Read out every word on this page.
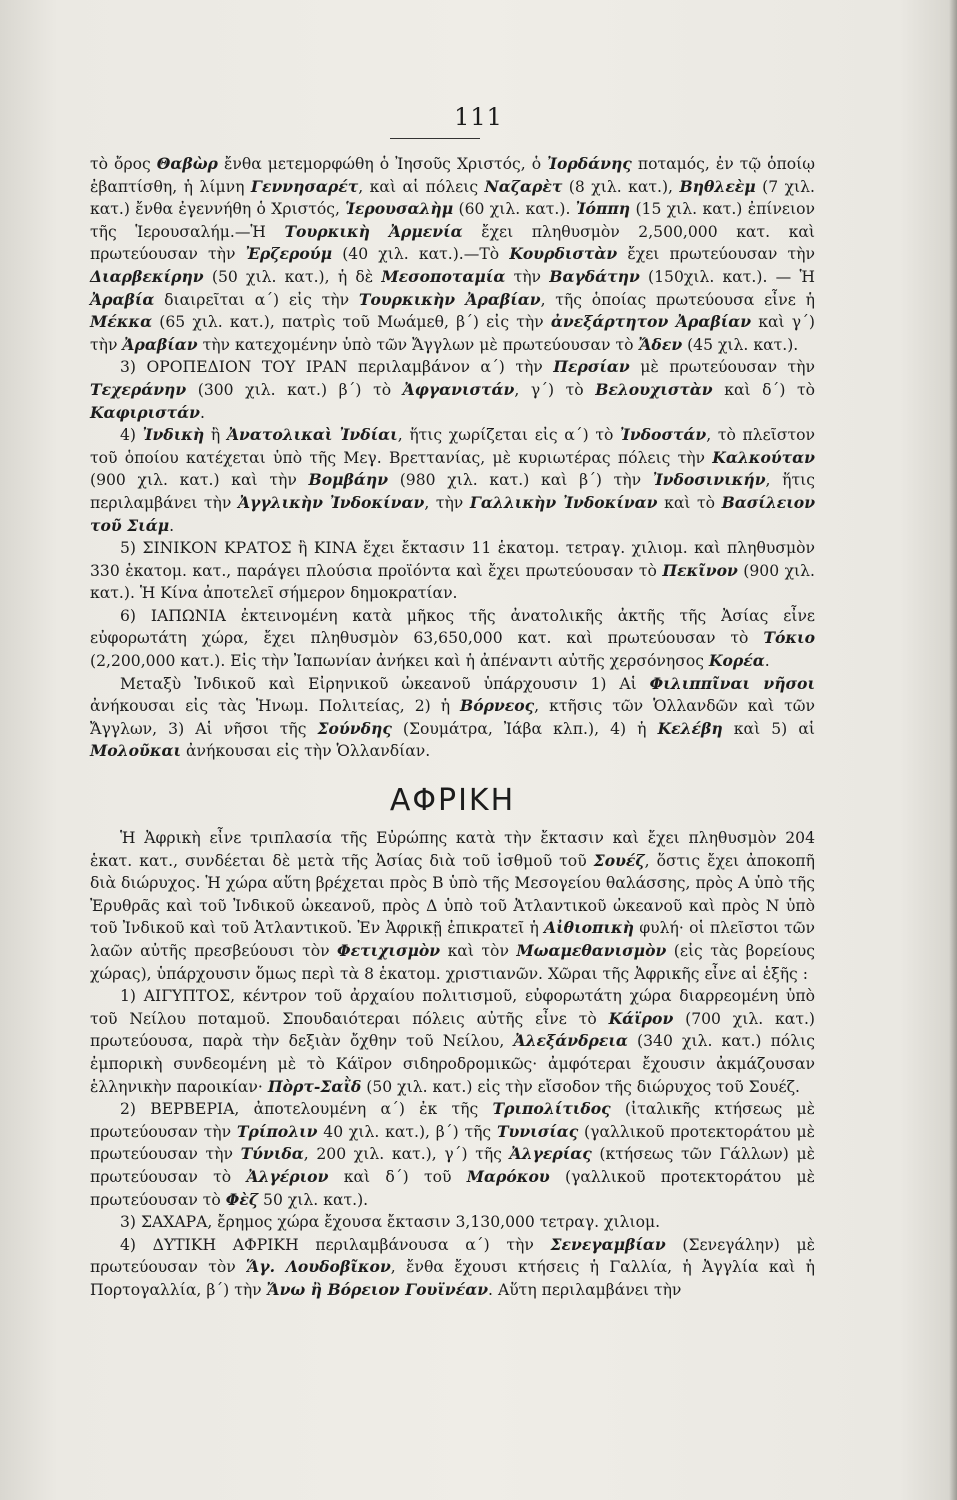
111

τὸ ὄρος Θαβὼρ ἔνθα μετεμορφώθη ὁ Ἰησοῦς Χριστός, ὁ Ἰορδάνης ποταμός, ἐν τῷ ὁποίῳ ἐβαπτίσθη, ἡ λίμνη Γεννησαρέτ, καὶ αἱ πόλεις Ναζαρὲτ (8 χιλ. κατ.), Βηθλεὲμ (7 χιλ. κατ.) ἔνθα ἐγεννήθη ὁ Χριστός, Ἱερουσαλὴμ (60 χιλ. κατ.). Ἰόππη (15 χιλ. κατ.) ἐπίνειον τῆς Ἱερουσαλήμ.—Ἡ Τουρκικὴ Ἀρμενία ἔχει πληθυσμὸν 2,500,000 κατ. καὶ πρωτεύουσαν τὴν Ἐρζερούμ (40 χιλ. κατ.).—Τὸ Κουρδιστὰν ἔχει πρωτεύουσαν τὴν Διαρβεκίρην (50 χιλ. κατ.), ἡ δὲ Μεσοποταμία τὴν Βαγδάτην (150χιλ. κατ.). — Ἡ Ἀραβία διαιρεῖται α΄) εἰς τὴν Τουρκικὴν Ἀραβίαν, τῆς ὁποίας πρωτεύουσα εἶνε ἡ Μέκκα (65 χιλ. κατ.), πατρὶς τοῦ Μωάμεθ, β΄) εἰς τὴν ἀνεξάρτητον Ἀραβίαν καὶ γ΄) τὴν Ἀραβίαν τὴν κατεχομένην ὑπὸ τῶν Ἄγγλων μὲ πρωτεύουσαν τὸ Ἄδεν (45 χιλ. κατ.).

3) ΟΡΟΠΕΔΙΟΝ ΤΟΥ ΙΡΑΝ περιλαμβάνον α΄) τὴν Περσίαν μὲ πρωτεύουσαν τὴν Τεχεράνην (300 χιλ. κατ.) β΄) τὸ Ἀφγανιστάν, γ΄) τὸ Βελουχιστὰν καὶ δ΄) τὸ Καφιριστάν.

4) Ἰνδικὴ ἢ Ἀνατολικαὶ Ἰνδίαι, ἥτις χωρίζεται εἰς α΄) τὸ Ἰνδοστάν, τὸ πλεῖστον τοῦ ὁποίου κατέχεται ὑπὸ τῆς Μεγ. Βρεττανίας, μὲ κυριωτέρας πόλεις τὴν Καλκούταν (900 χιλ. κατ.) καὶ τὴν Βομβάην (980 χιλ. κατ.) καὶ β΄) τὴν Ἰνδοσινικήν, ἥτις περιλαμβάνει τὴν Ἀγγλικὴν Ἰνδοκίναν, τὴν Γαλλικὴν Ἰνδοκίναν καὶ τὸ Βασίλειον τοῦ Σιάμ.

5) ΣΙΝΙΚΟΝ ΚΡΑΤΟΣ ἢ ΚΙΝΑ ἔχει ἔκτασιν 11 ἑκατομ. τετραγ. χιλιομ. καὶ πληθυσμὸν 330 ἑκατομ. κατ., παράγει πλούσια προϊόντα καὶ ἔχει πρωτεύουσαν τὸ Πεκῖνον (900 χιλ. κατ.). Ἡ Κίνα ἀποτελεῖ σήμερον δημοκρατίαν.

6) ΙΑΠΩΝΙΑ ἐκτεινομένη κατὰ μῆκος τῆς ἀνατολικῆς ἀκτῆς τῆς Ἀσίας εἶνε εὐφορωτάτη χώρα, ἔχει πληθυσμὸν 63,650,000 κατ. καὶ πρωτεύουσαν τὸ Τόκιο (2,200,000 κατ.). Εἰς τὴν Ἰαπωνίαν ἀνήκει καὶ ἡ ἀπέναντι αὐτῆς χερσόνησος Κορέα.

Μεταξὺ Ἰνδικοῦ καὶ Εἰρηνικοῦ ὠκεανοῦ ὑπάρχουσιν 1) Αἱ Φιλιππῖναι νῆσοι ἀνήκουσαι εἰς τὰς Ἡνωμ. Πολιτείας, 2) ἡ Βόρνεος, κτῆσις τῶν Ὁλλανδῶν καὶ τῶν Ἄγγλων, 3) Αἱ νῆσοι τῆς Σούνδης (Σουμάτρα, Ἰάβα κλπ.), 4) ἡ Κελέβη καὶ 5) αἱ Μολοῦκαι ἀνήκουσαι εἰς τὴν Ὁλλανδίαν.

ΑΦΡΙΚΗ

Ἡ Ἀφρικὴ εἶνε τριπλασία τῆς Εὐρώπης κατὰ τὴν ἔκτασιν καὶ ἔχει πληθυσμὸν 204 ἑκατ. κατ., συνδέεται δὲ μετὰ τῆς Ἀσίας διὰ τοῦ ἰσθμοῦ τοῦ Σουέζ, ὅστις ἔχει ἀποκοπῆ διὰ διώρυχος. Ἡ χώρα αὕτη βρέχεται πρὸς Β ὑπὸ τῆς Μεσογείου θαλάσσης, πρὸς Α ὑπὸ τῆς Ἐρυθρᾶς καὶ τοῦ Ἰνδικοῦ ὠκεανοῦ, πρὸς Δ ὑπὸ τοῦ Ἀτλαντικοῦ ὠκεανοῦ καὶ πρὸς Ν ὑπὸ τοῦ Ἰνδικοῦ καὶ τοῦ Ἀτλαντικοῦ. Ἐν Ἀφρικῇ ἐπικρατεῖ ἡ Αἰθιοπικὴ φυλή· οἱ πλεῖστοι τῶν λαῶν αὐτῆς πρεσβεύουσι τὸν Φετιχισμὸν καὶ τὸν Μωαμεθανισμὸν (εἰς τὰς βορείους χώρας), ὑπάρχουσιν ὅμως περὶ τὰ 8 ἑκατομ. χριστιανῶν. Χῶραι τῆς Ἀφρικῆς εἶνε αἱ ἑξῆς :

1) ΑΙΓΥΠΤΟΣ, κέντρον τοῦ ἀρχαίου πολιτισμοῦ, εὐφορωτάτη χώρα διαρρεομένη ὑπὸ τοῦ Νείλου ποταμοῦ. Σπουδαιότεραι πόλεις αὐτῆς εἶνε τὸ Κάϊρον (700 χιλ. κατ.) πρωτεύουσα, παρὰ τὴν δεξιὰν ὄχθην τοῦ Νείλου, Ἀλεξάνδρεια (340 χιλ. κατ.) πόλις ἐμπορικὴ συνδεομένη μὲ τὸ Κάϊρον σιδηροδρομικῶς· ἀμφότεραι ἔχουσιν ἀκμάζουσαν ἑλληνικὴν παροικίαν· Πὸρτ-Σαῒδ (50 χιλ. κατ.) εἰς τὴν εἴσοδον τῆς διώρυχος τοῦ Σουέζ.

2) ΒΕΡΒΕΡΙΑ, ἀποτελουμένη α΄) ἐκ τῆς Τριπολίτιδος (ἰταλικῆς κτήσεως μὲ πρωτεύουσαν τὴν Τρίπολιν 40 χιλ. κατ.), β΄) τῆς Τυνισίας (γαλλικοῦ προτεκτοράτου μὲ πρωτεύουσαν τὴν Τύνιδα, 200 χιλ. κατ.), γ΄) τῆς Ἀλγερίας (κτήσεως τῶν Γάλλων) μὲ πρωτεύουσαν τὸ Ἀλγέριον καὶ δ΄) τοῦ Μαρόκου (γαλλικοῦ προτεκτοράτου μὲ πρωτεύουσαν τὸ Φὲζ 50 χιλ. κατ.).

3) ΣΑΧΑΡΑ, ἔρημος χώρα ἔχουσα ἔκτασιν 3,130,000 τετραγ. χιλιομ.

4) ΔΥΤΙΚΗ ΑΦΡΙΚΗ περιλαμβάνουσα α΄) τὴν Σενεγαμβίαν (Σενεγάλην) μὲ πρωτεύουσαν τὸν Ἅγ. Λουδοβῖκον, ἔνθα ἔχουσι κτήσεις ἡ Γαλλία, ἡ Ἀγγλία καὶ ἡ Πορτογαλλία, β΄) τὴν Ἄνω ἢ Βόρειον Γουϊνέαν. Αὕτη περιλαμβάνει τὴν
